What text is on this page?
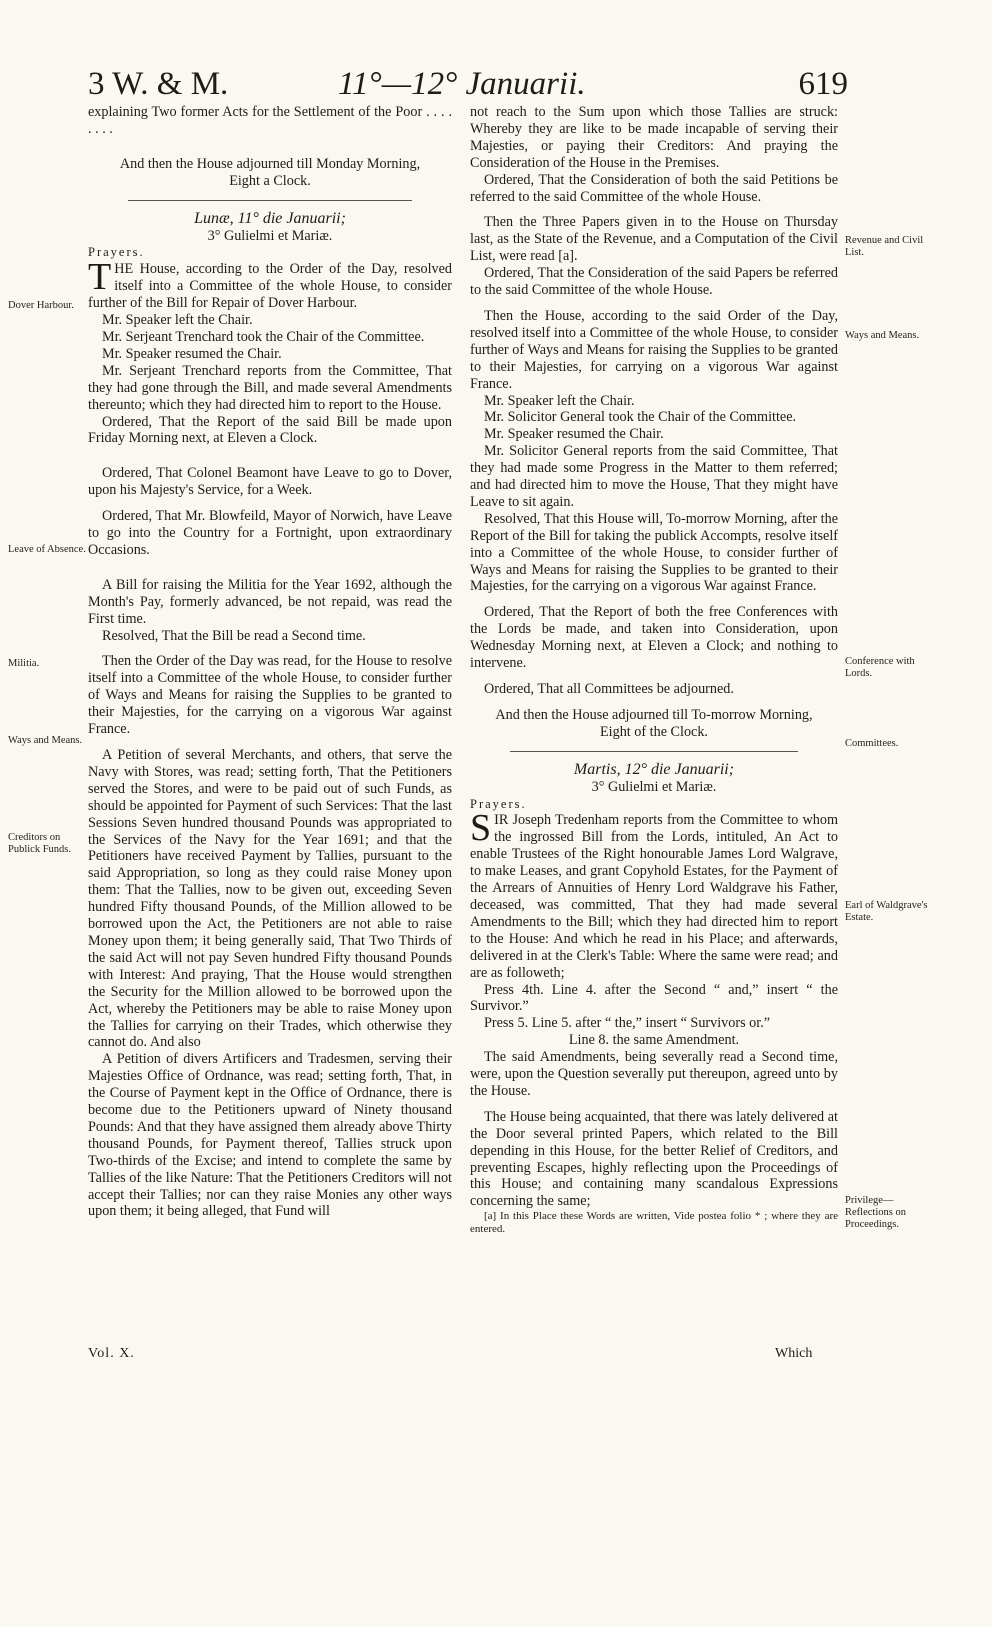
3 W. & M.	11°—12° Januarii.	619

explaining Two former Acts for the Settlement of the Poor . . . . . . . .

And then the House adjourned till Monday Morning, Eight a Clock.

Lunæ, 11° die Januarii;

3° Gulielmi et Mariæ.

Prayers.

THE House, according to the Order of the Day, resolved itself into a Committee of the whole House, to consider further of the Bill for Repair of Dover Harbour.

Mr. Speaker left the Chair.

Mr. Serjeant Trenchard took the Chair of the Committee.

Mr. Speaker resumed the Chair.

Mr. Serjeant Trenchard reports from the Committee, That they had gone through the Bill, and made several Amendments thereunto; which they had directed him to report to the House.

Ordered, That the Report of the said Bill be made upon Friday Morning next, at Eleven a Clock.

Ordered, That Colonel Beamont have Leave to go to Dover, upon his Majesty's Service, for a Week.

Ordered, That Mr. Blowfeild, Mayor of Norwich, have Leave to go into the Country for a Fortnight, upon extraordinary Occasions.

A Bill for raising the Militia for the Year 1692, although the Month's Pay, formerly advanced, be not repaid, was read the First time.

Resolved, That the Bill be read a Second time.

Then the Order of the Day was read, for the House to resolve itself into a Committee of the whole House, to consider further of Ways and Means for raising the Supplies to be granted to their Majesties, for the carrying on a vigorous War against France.

A Petition of several Merchants, and others, that serve the Navy with Stores, was read; setting forth, That the Petitioners served the Stores, and were to be paid out of such Funds, as should be appointed for Payment of such Services: That the last Sessions Seven hundred thousand Pounds was appropriated to the Services of the Navy for the Year 1691; and that the Petitioners have received Payment by Tallies, pursuant to the said Appropriation, so long as they could raise Money upon them: That the Tallies, now to be given out, exceeding Seven hundred Fifty thousand Pounds, of the Million allowed to be borrowed upon the Act, the Petitioners are not able to raise Money upon them; it being generally said, That Two Thirds of the said Act will not pay Seven hundred Fifty thousand Pounds with Interest: And praying, That the House would strengthen the Security for the Million allowed to be borrowed upon the Act, whereby the Petitioners may be able to raise Money upon the Tallies for carrying on their Trades, which otherwise they cannot do. And also

A Petition of divers Artificers and Tradesmen, serving their Majesties Office of Ordnance, was read; setting forth, That, in the Course of Payment kept in the Office of Ordnance, there is become due to the Petitioners upward of Ninety thousand Pounds: And that they have assigned them already above Thirty thousand Pounds, for Payment thereof, Tallies struck upon Two-thirds of the Excise; and intend to complete the same by Tallies of the like Nature: That the Petitioners Creditors will not accept their Tallies; nor can they raise Monies any other ways upon them; it being alleged, that Fund will

not reach to the Sum upon which those Tallies are struck: Whereby they are like to be made incapable of serving their Majesties, or paying their Creditors: And praying the Consideration of the House in the Premises.

Ordered, That the Consideration of both the said Petitions be referred to the said Committee of the whole House.

Then the Three Papers given in to the House on Thursday last, as the State of the Revenue, and a Computation of the Civil List, were read [a].

Ordered, That the Consideration of the said Papers be referred to the said Committee of the whole House.

Then the House, according to the said Order of the Day, resolved itself into a Committee of the whole House, to consider further of Ways and Means for raising the Supplies to be granted to their Majesties, for carrying on a vigorous War against France.

Mr. Speaker left the Chair.

Mr. Solicitor General took the Chair of the Committee.

Mr. Speaker resumed the Chair.

Mr. Solicitor General reports from the said Committee, That they had made some Progress in the Matter to them referred; and had directed him to move the House, That they might have Leave to sit again.

Resolved, That this House will, To-morrow Morning, after the Report of the Bill for taking the publick Accompts, resolve itself into a Committee of the whole House, to consider further of Ways and Means for raising the Supplies to be granted to their Majesties, for the carrying on a vigorous War against France.

Ordered, That the Report of both the free Conferences with the Lords be made, and taken into Consideration, upon Wednesday Morning next, at Eleven a Clock; and nothing to intervene.

Ordered, That all Committees be adjourned.

And then the House adjourned till To-morrow Morning, Eight of the Clock.

Martis, 12° die Januarii;

3° Gulielmi et Mariæ.

Prayers.

SIR Joseph Tredenham reports from the Committee to whom the ingrossed Bill from the Lords, intituled, An Act to enable Trustees of the Right honourable James Lord Walgrave, to make Leases, and grant Copyhold Estates, for the Payment of the Arrears of Annuities of Henry Lord Waldgrave his Father, deceased, was committed, That they had made several Amendments to the Bill; which they had directed him to report to the House: And which he read in his Place; and afterwards, delivered in at the Clerk's Table: Where the same were read; and are as followeth;

Press 4th. Line 4. after the Second “ and,” insert “ the Survivor.”

Press 5. Line 5. after “ the,” insert “ Survivors or.”

Line 8. the same Amendment.

The said Amendments, being severally read a Second time, were, upon the Question severally put thereupon, agreed unto by the House.

The House being acquainted, that there was lately delivered at the Door several printed Papers, which related to the Bill depending in this House, for the better Relief of Creditors, and preventing Escapes, highly reflecting upon the Proceedings of this House; and containing many scandalous Expressions concerning the same;

[a] In this Place these Words are written, Vide postea folio * ; where they are entered.

Dover Harbour.
Leave of Absence.
Militia.
Ways and Means.
Creditors on Publick Funds.
Revenue and Civil List.
Ways and Means.
Conference with Lords.
Committees.
Earl of Waldgrave's Estate.
Privilege—Reflections on Proceedings.
Vol. X.	Which
